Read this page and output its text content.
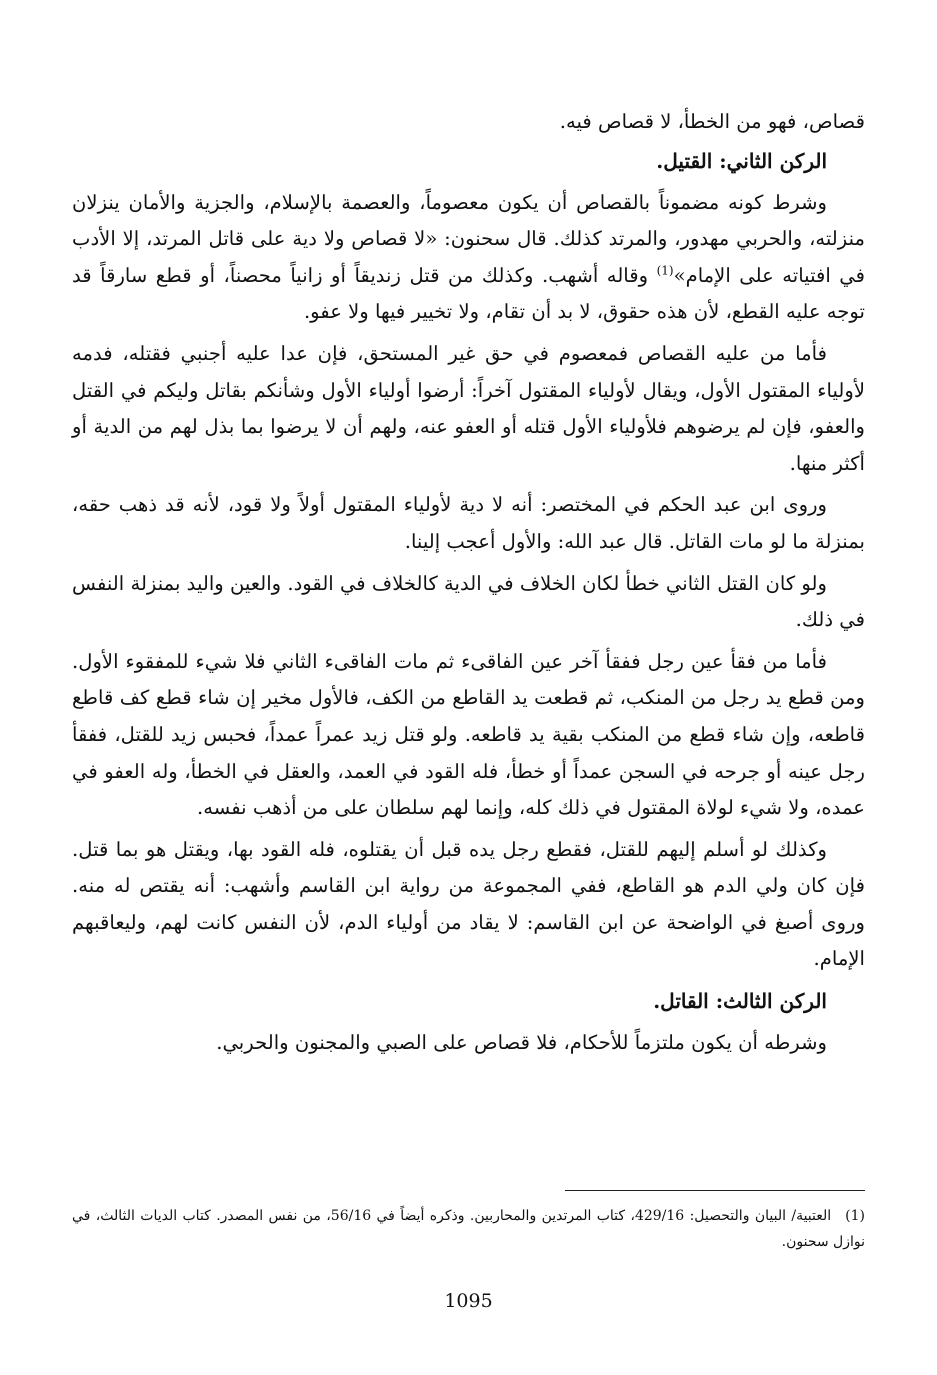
قصاص، فهو من الخطأ، لا قصاص فيه.

الركن الثاني: القتيل.

وشرط كونه مضموناً بالقصاص أن يكون معصوماً، والعصمة بالإسلام، والجزية والأمان ينزلان منزلته، والحربي مهدور، والمرتد كذلك. قال سحنون: «لا قصاص ولا دية على قاتل المرتد، إلا الأدب في افتياته على الإمام»$^{(1)}$ وقاله أشهب. وكذلك من قتل زنديقاً أو زانياً محصناً، أو قطع سارقاً قد توجه عليه القطع، لأن هذه حقوق، لا بد أن تقام، ولا تخيير فيها ولا عفو.

فأما من عليه القصاص فمعصوم في حق غير المستحق، فإن عدا عليه أجنبي فقتله، فدمه لأولياء المقتول الأول، ويقال لأولياء المقتول آخراً: أرضوا أولياء الأول وشأنكم بقاتل وليكم في القتل والعفو، فإن لم يرضوهم فلأولياء الأول قتله أو العفو عنه، ولهم أن لا يرضوا بما بذل لهم من الدية أو أكثر منها.

وروى ابن عبد الحكم في المختصر: أنه لا دية لأولياء المقتول أولاً ولا قود، لأنه قد ذهب حقه، بمنزلة ما لو مات القاتل. قال عبد الله: والأول أعجب إلينا.

ولو كان القتل الثاني خطأ لكان الخلاف في الدية كالخلاف في القود. والعين واليد بمنزلة النفس في ذلك.

فأما من فقأ عين رجل ففقأ آخر عين الفاقىء ثم مات الفاقىء الثاني فلا شيء للمفقوء الأول. ومن قطع يد رجل من المنكب، ثم قطعت يد القاطع من الكف، فالأول مخير إن شاء قطع كف قاطع قاطعه، وإن شاء قطع من المنكب بقية يد قاطعه. ولو قتل زيد عمراً عمداً، فحبس زيد للقتل، ففقأ رجل عينه أو جرحه في السجن عمداً أو خطأ، فله القود في العمد، والعقل في الخطأ، وله العفو في عمده، ولا شيء لولاة المقتول في ذلك كله، وإنما لهم سلطان على من أذهب نفسه.

وكذلك لو أسلم إليهم للقتل، فقطع رجل يده قبل أن يقتلوه، فله القود بها، ويقتل هو بما قتل. فإن كان ولي الدم هو القاطع، ففي المجموعة من رواية ابن القاسم وأشهب: أنه يقتص له منه. وروى أصبغ في الواضحة عن ابن القاسم: لا يقاد من أولياء الدم، لأن النفس كانت لهم، وليعاقبهم الإمام.

الركن الثالث: القاتل.

وشرطه أن يكون ملتزماً للأحكام، فلا قصاص على الصبي والمجنون والحربي.

(1)العتبية/ البيان والتحصيل: 429/16، كتاب المرتدين والمحاربين. وذكره أيضاً في 56/16، من نفس المصدر. كتاب الديات الثالث، في نوازل سحنون.
1095
